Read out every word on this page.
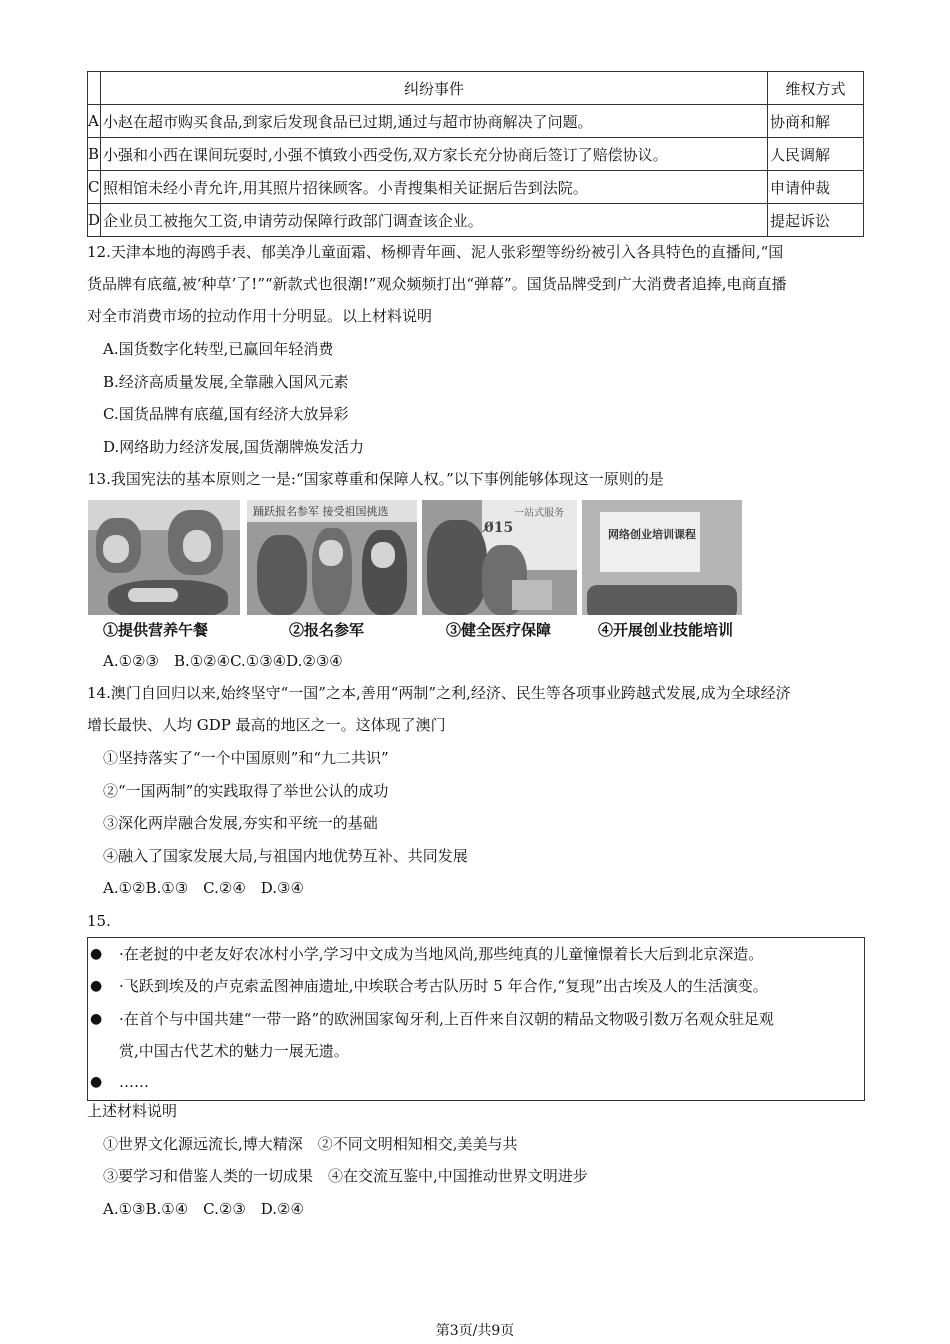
	纠纷事件	维权方式
A	小赵在超市购买食品,到家后发现食品已过期,通过与超市协商解决了问题。	协商和解
B	小强和小西在课间玩耍时,小强不慎致小西受伤,双方家长充分协商后签订了赔偿协议。	人民调解
C	照相馆未经小青允许,用其照片招徕顾客。小青搜集相关证据后告到法院。	申请仲裁
D	企业员工被拖欠工资,申请劳动保障行政部门调查该企业。	提起诉讼
12.天津本地的海鸥手表、郁美净儿童面霜、杨柳青年画、泥人张彩塑等纷纷被引入各具特色的直播间,“国
货品牌有底蕴,被‘种草’了!”“新款式也很潮!”观众频频打出“弹幕”。国货品牌受到广大消费者追捧,电商直播
对全市消费市场的拉动作用十分明显。以上材料说明
A.国货数字化转型,已赢回年轻消费
B.经济高质量发展,全靠融入国风元素
C.国货品牌有底蕴,国有经济大放异彩
D.网络助力经济发展,国货潮牌焕发活力
13.我国宪法的基本原则之一是:“国家尊重和保障人权。”以下事例能够体现这一原则的是
踊跃报名参军 接受祖国挑选	一站式服务
0̸15	网络创业培训课程
①提供营养午餐	②报名参军	③健全医疗保障	④开展创业技能培训
A.①②③　B.①②④C.①③④D.②③④
14.澳门自回归以来,始终坚守“一国”之本,善用“两制”之利,经济、民生等各项事业跨越式发展,成为全球经济
增长最快、人均 GDP 最高的地区之一。这体现了澳门
①坚持落实了“一个中国原则”和“九二共识”
②“一国两制”的实践取得了举世公认的成功
③深化两岸融合发展,夯实和平统一的基础
④融入了国家发展大局,与祖国内地优势互补、共同发展
A.①②B.①③　C.②④　D.③④
15.
● ·在老挝的中老友好农冰村小学,学习中文成为当地风尚,那些纯真的儿童憧憬着长大后到北京深造。
● ·飞跃到埃及的卢克索孟图神庙遗址,中埃联合考古队历时 5 年合作,“复现”出古埃及人的生活演变。
● ·在首个与中国共建“一带一路”的欧洲国家匈牙利,上百件来自汉朝的精品文物吸引数万名观众驻足观
赏,中国古代艺术的魅力一展无遗。
● ……
上述材料说明
①世界文化源远流长,博大精深　②不同文明相知相交,美美与共
③要学习和借鉴人类的一切成果　④在交流互鉴中,中国推动世界文明进步
A.①③B.①④　C.②③　D.②④
第3页/共9页
